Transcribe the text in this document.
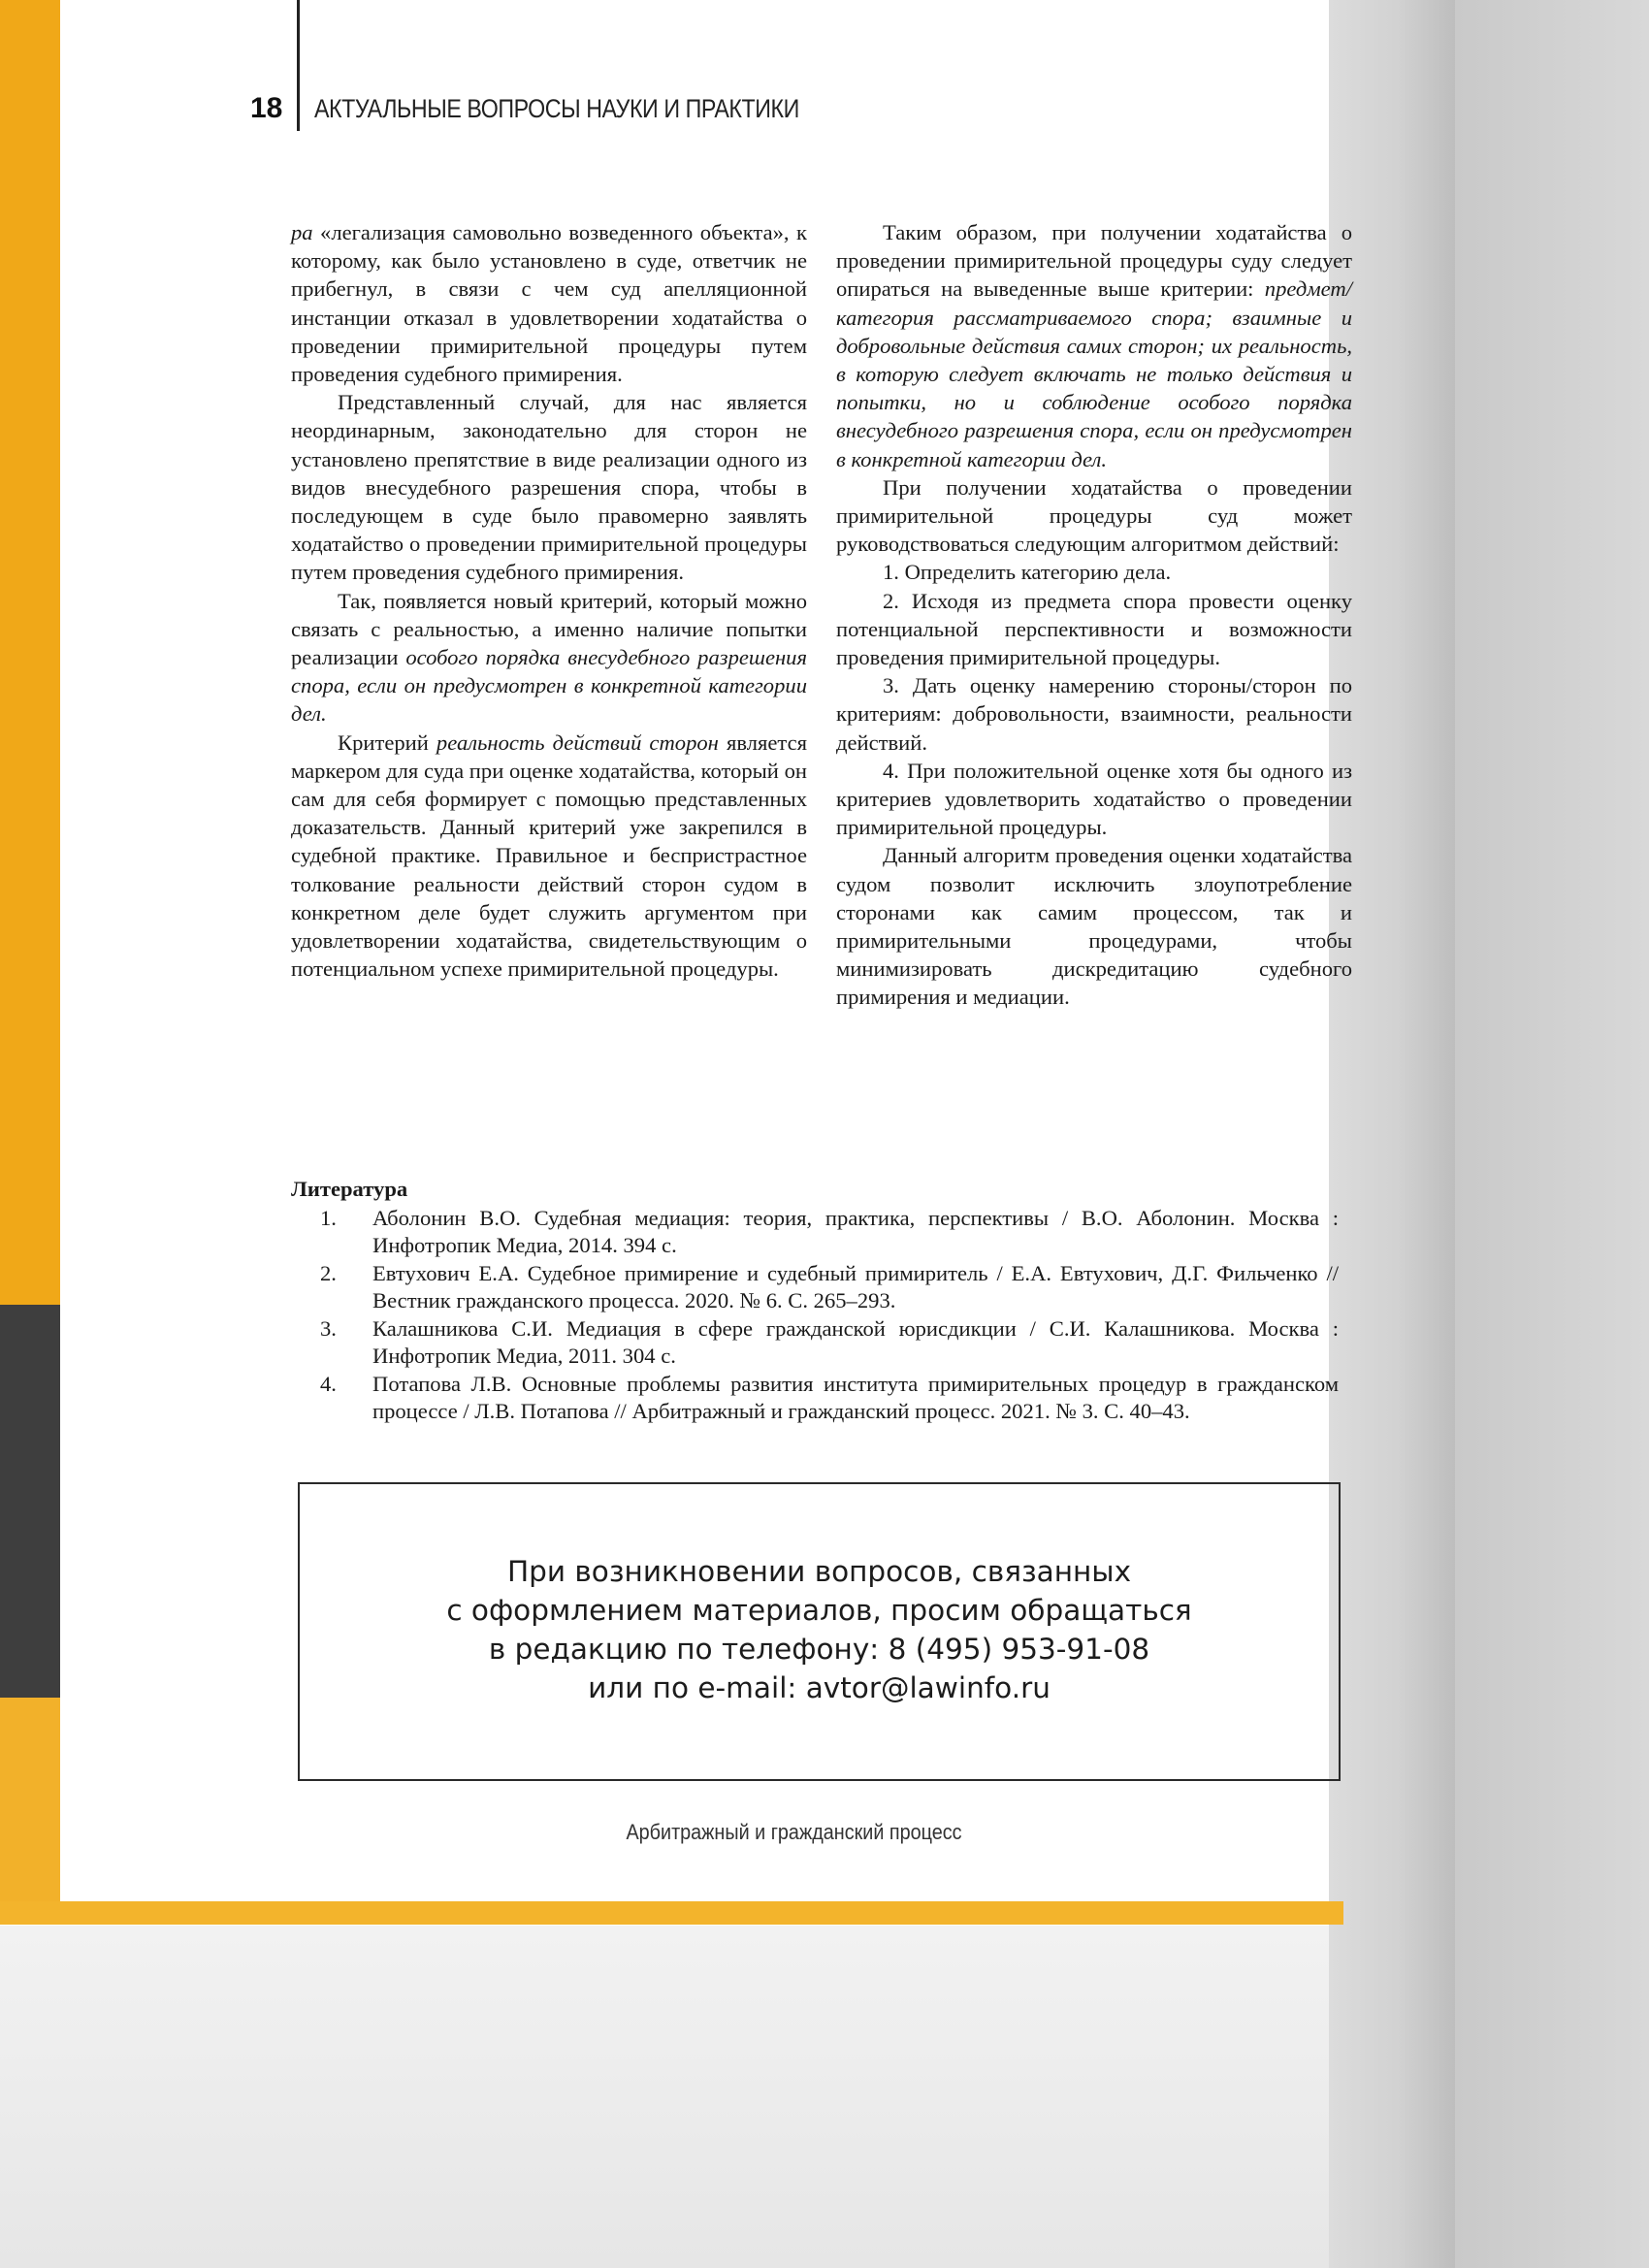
18 АКТУАЛЬНЫЕ ВОПРОСЫ НАУКИ И ПРАКТИКИ

ра «легализация самовольно возведенного объекта», к которому, как было установлено в суде, ответчик не прибегнул, в связи с чем суд апелляционной инстанции отказал в удовлетворении ходатайства о проведении примирительной процедуры путем проведения судебного примирения.

Представленный случай, для нас является неординарным, законодательно для сторон не установлено препятствие в виде реализации одного из видов внесудебного разрешения спора, чтобы в последующем в суде было правомерно заявлять ходатайство о проведении примирительной процедуры путем проведения судебного примирения.

Так, появляется новый критерий, который можно связать с реальностью, а именно наличие попытки реализации особого порядка внесудебного разрешения спора, если он предусмотрен в конкретной категории дел.

Критерий реальность действий сторон является маркером для суда при оценке ходатайства, который он сам для себя формирует с помощью представленных доказательств. Данный критерий уже закрепился в судебной практике. Правильное и беспристрастное толкование реальности действий сторон судом в конкретном деле будет служить аргументом при удовлетворении ходатайства, свидетельствующим о потенциальном успехе примирительной процедуры.

Таким образом, при получении ходатайства о проведении примирительной процедуры суду следует опираться на выведенные выше критерии: предмет/категория рассматриваемого спора; взаимные и добровольные действия самих сторон; их реальность, в которую следует включать не только действия и попытки, но и соблюдение особого порядка внесудебного разрешения спора, если он предусмотрен в конкретной категории дел.

При получении ходатайства о проведении примирительной процедуры суд может руководствоваться следующим алгоритмом действий:

1. Определить категорию дела.

2. Исходя из предмета спора провести оценку потенциальной перспективности и возможности проведения примирительной процедуры.

3. Дать оценку намерению стороны/сторон по критериям: добровольности, взаимности, реальности действий.

4. При положительной оценке хотя бы одного из критериев удовлетворить ходатайство о проведении примирительной процедуры.

Данный алгоритм проведения оценки ходатайства судом позволит исключить злоупотребление сторонами как самим процессом, так и примирительными процедурами, чтобы минимизировать дискредитацию судебного примирения и медиации.

Литература
1. Аболонин В.О. Судебная медиация: теория, практика, перспективы / В.О. Аболонин. Москва : Инфотропик Медиа, 2014. 394 с.
2. Евтухович Е.А. Судебное примирение и судебный примиритель / Е.А. Евтухович, Д.Г. Фильченко // Вестник гражданского процесса. 2020. № 6. С. 265–293.
3. Калашникова С.И. Медиация в сфере гражданской юрисдикции / С.И. Калашникова. Москва : Инфотропик Медиа, 2011. 304 с.
4. Потапова Л.В. Основные проблемы развития института примирительных процедур в гражданском процессе / Л.В. Потапова // Арбитражный и гражданский процесс. 2021. № 3. С. 40–43.
При возникновении вопросов, связанных
с оформлением материалов, просим обращаться
в редакцию по телефону: 8 (495) 953-91-08
или по e-mail: avtor@lawinfo.ru
Арбитражный и гражданский процесс
